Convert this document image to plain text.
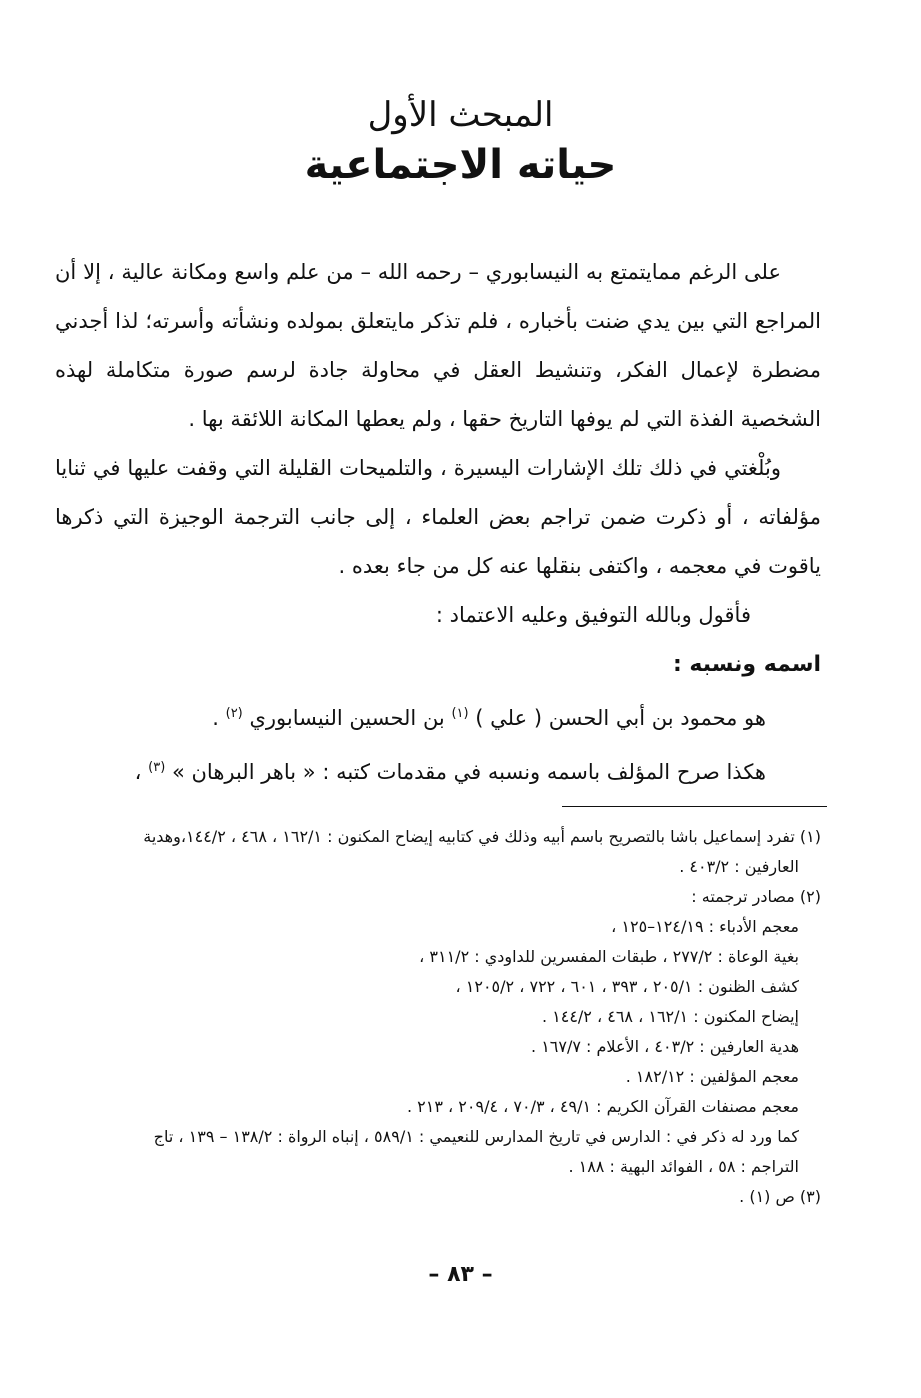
المبحث الأول
حياته الاجتماعية

على الرغم ممايتمتع به النيسابوري – رحمه الله – من علم واسع ومكانة عالية ، إلا أن المراجع التي بين يدي ضنت بأخباره ، فلم تذكر مايتعلق بمولده ونشأته وأسرته؛ لذا أجدني مضطرة لإعمال الفكر، وتنشيط العقل في محاولة جادة لرسم صورة متكاملة لهذه الشخصية الفذة التي لم يوفها التاريخ حقها ، ولم يعطها المكانة اللائقة بها .

وبُلْغتي في ذلك تلك الإشارات اليسيرة ، والتلميحات القليلة التي وقفت عليها في ثنايا مؤلفاته ، أو ذكرت ضمن تراجم بعض العلماء ، إلى جانب الترجمة الوجيزة التي ذكرها ياقوت في معجمه ، واكتفى بنقلها عنه كل من جاء بعده .

فأقول وبالله التوفيق وعليه الاعتماد :

اسمه ونسبه :

هو محمود بن أبي الحسن ( علي ) $^{(١)}$ بن الحسين النيسابوري $^{(٢)}$ .

هكذا صرح المؤلف باسمه ونسبه في مقدمات كتبه : « باهر البرهان » $^{(٣)}$ ،

(١) تفرد إسماعيل باشا بالتصريح باسم أبيه وذلك في كتابيه إيضاح المكنون : ١٦٢/١ ، ٤٦٨ ، ١٤٤/٢،وهدية

العارفين : ٤٠٣/٢ .

(٢) مصادر ترجمته :

معجم الأدباء : ١٢٤/١٩–١٢٥ ،

بغية الوعاة : ٢٧٧/٢ ، طبقات المفسرين للداودي : ٣١١/٢ ،

كشف الظنون : ٢٠٥/١ ، ٣٩٣ ، ٦٠١ ، ٧٢٢ ، ١٢٠٥/٢ ،

إيضاح المكنون : ١٦٢/١ ، ٤٦٨ ، ١٤٤/٢ .

هدية العارفين : ٤٠٣/٢ ، الأعلام : ١٦٧/٧ .

معجم المؤلفين : ١٨٢/١٢ .

معجم مصنفات القرآن الكريم : ٤٩/١ ، ٧٠/٣ ، ٢٠٩/٤ ، ٢١٣ .

كما ورد له ذكر في : الدارس في تاريخ المدارس للنعيمي : ٥٨٩/١ ، إنباه الرواة : ١٣٨/٢ – ١٣٩ ، تاج

التراجم : ٥٨ ، الفوائد البهية : ١٨٨ .

(٣) ص (١) .

– ٨٣ –
